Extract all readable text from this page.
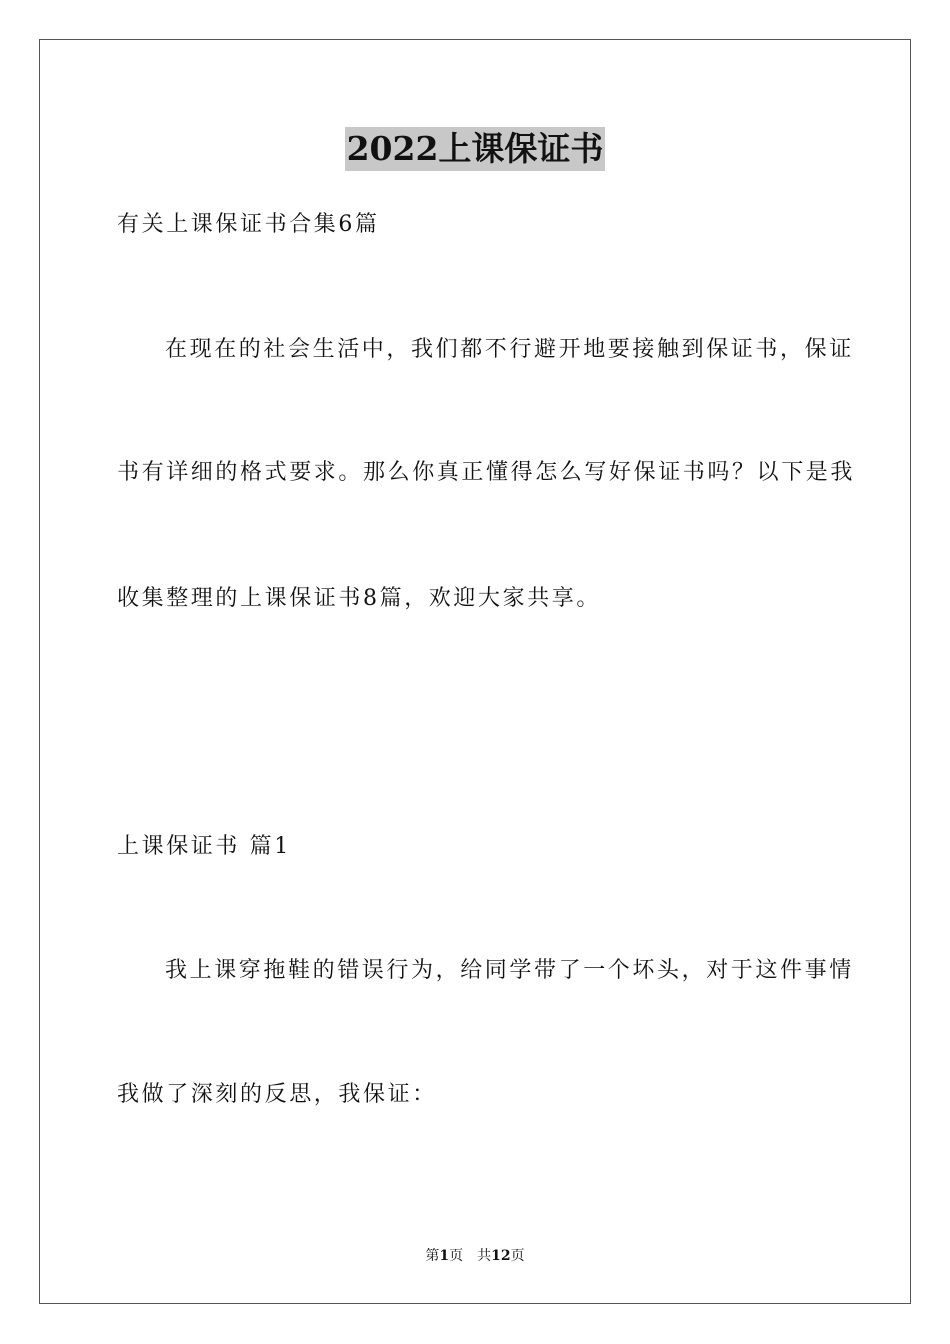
2022上课保证书
有关上课保证书合集6篇
在现在的社会生活中，我们都不行避开地要接触到保证书，保证
书有详细的格式要求。那么你真正懂得怎么写好保证书吗？以下是我
收集整理的上课保证书8篇，欢迎大家共享。
上课保证书 篇1
我上课穿拖鞋的错误行为，给同学带了一个坏头，对于这件事情
我做了深刻的反思，我保证：
第1页　共12页
